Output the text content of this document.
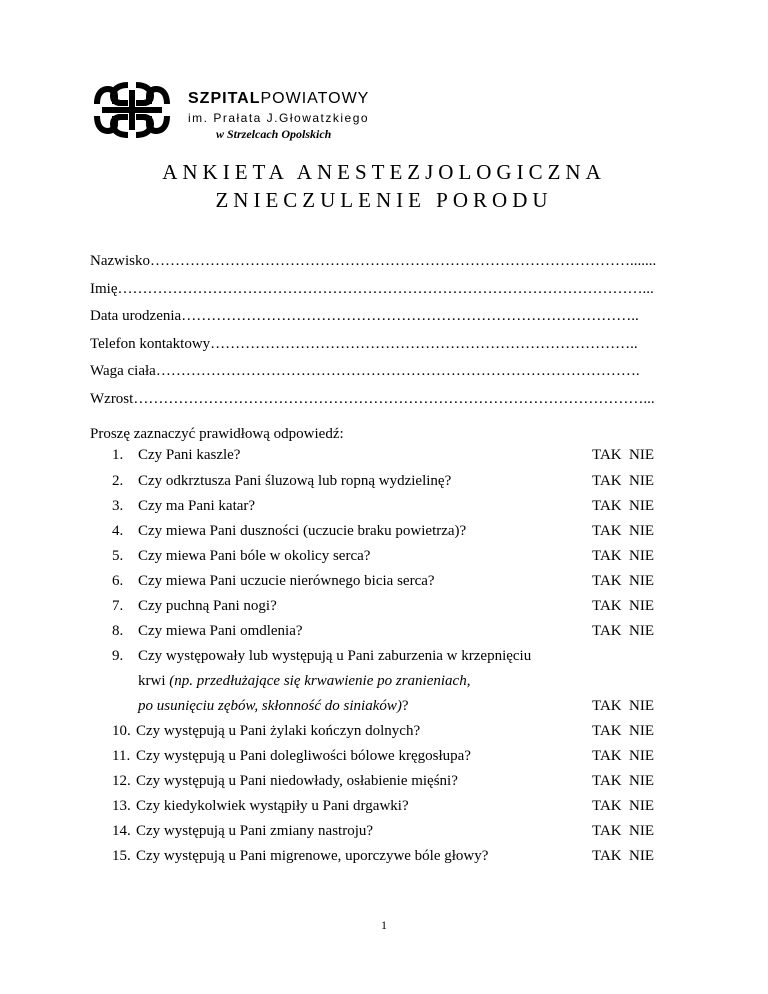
SZPITALPOWIATOWY
im. Prałata J.Głowatzkiego
w Strzelcach Opolskich
ANKIETA ANESTEZJOLOGICZNA
ZNIECZULENIE PORODU
Nazwisko…………………………………………………………………………………….......
Imię……………………………………………………………………………………………...
Data urodzenia………………………………………………………………………………..
Telefon kontaktowy…………………………………………………………………………..
Waga ciała…………………………………………………………………………………….
Wzrost…………………………………………………………………………………………...
Proszę zaznaczyć prawidłową odpowiedź:
1. Czy Pani kaszle?	TAK NIE
2. Czy odkrztusza Pani śluzową lub ropną wydzielinę?	TAK NIE
3. Czy ma Pani katar?	TAK NIE
4. Czy miewa Pani duszności (uczucie braku powietrza)?	TAK NIE
5. Czy miewa Pani bóle w okolicy serca?	TAK NIE
6. Czy miewa Pani uczucie nierównego bicia serca?	TAK NIE
7. Czy puchną Pani nogi?	TAK NIE
8. Czy miewa Pani omdlenia?	TAK NIE
9. Czy występowały lub występują u Pani zaburzenia w krzepnięciu
krwi (np. przedłużające się krwawienie po zranieniach,
po usunięciu zębów, skłonność do siniaków)?	TAK NIE
10. Czy występują u Pani żylaki kończyn dolnych?	TAK NIE
11. Czy występują u Pani dolegliwości bólowe kręgosłupa?	TAK NIE
12. Czy występują u Pani niedowłady, osłabienie mięśni?	TAK NIE
13. Czy kiedykolwiek wystąpiły u Pani drgawki?	TAK NIE
14. Czy występują u Pani zmiany nastroju?	TAK NIE
15. Czy występują u Pani migrenowe, uporczywe bóle głowy?	TAK NIE
1
